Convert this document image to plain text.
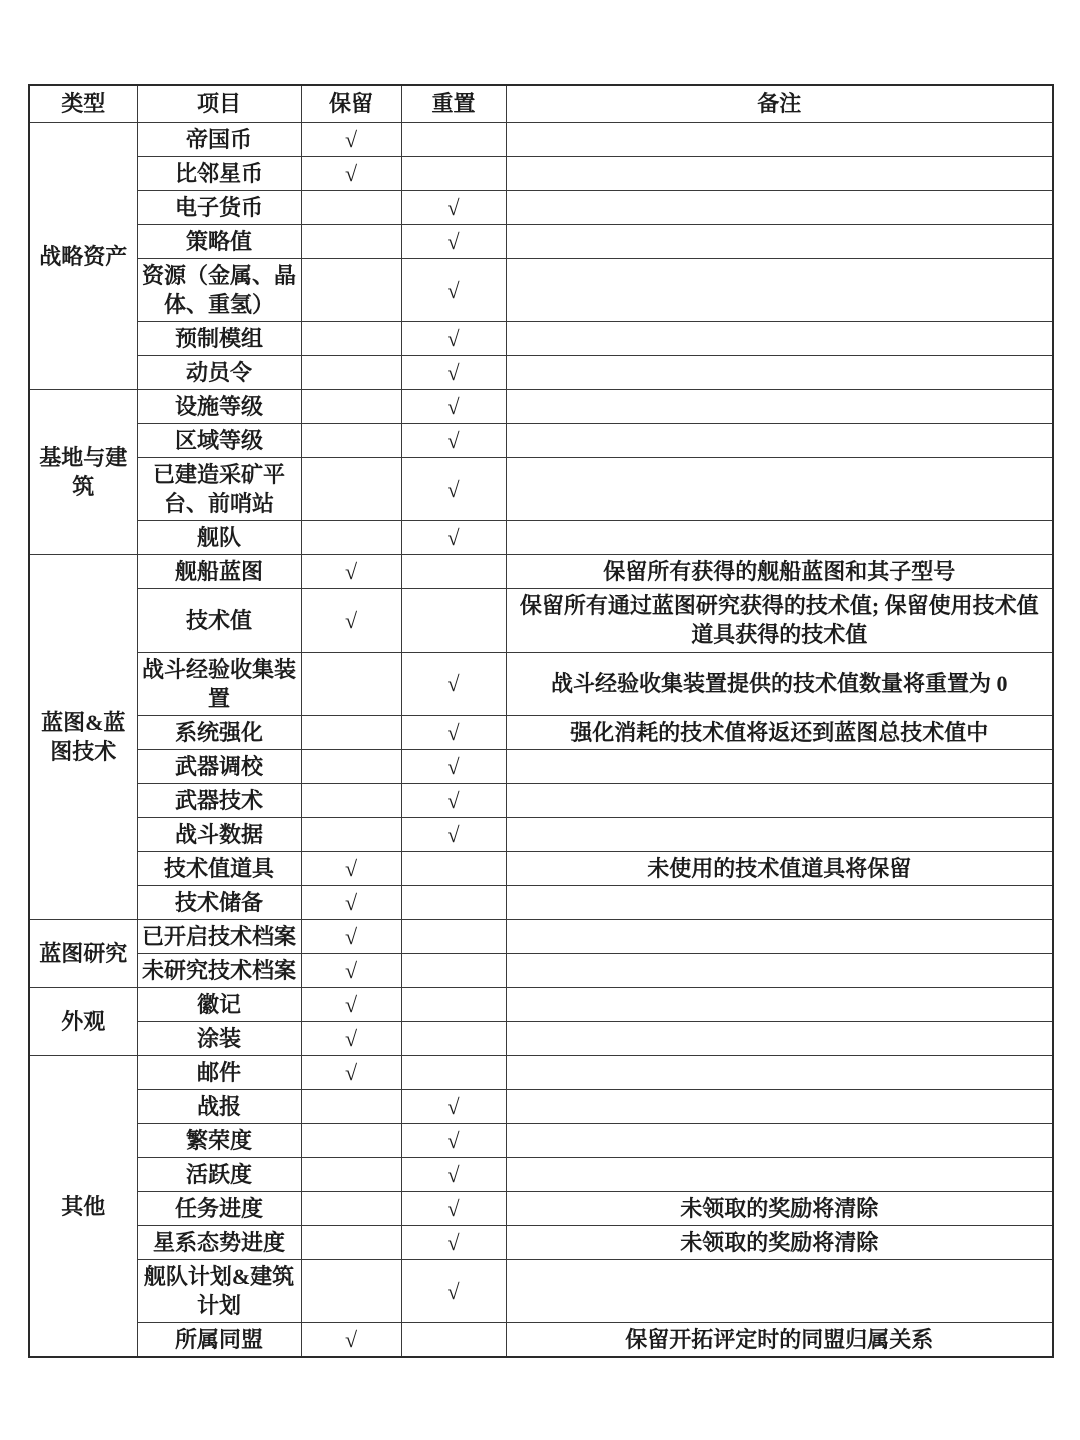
类型	项目	保留	重置	备注
战略资产	帝国币	√		
	比邻星币	√		
	电子货币		√	
	策略值		√	
	资源（金属、晶体、重氢）		√	
	预制模组		√	
	动员令		√	
基地与建筑	设施等级		√	
	区域等级		√	
	已建造采矿平台、前哨站		√	
	舰队		√	
蓝图&蓝图技术	舰船蓝图	√		保留所有获得的舰船蓝图和其子型号
	技术值	√		保留所有通过蓝图研究获得的技术值; 保留使用技术值道具获得的技术值
	战斗经验收集装置		√	战斗经验收集装置提供的技术值数量将重置为 0
	系统强化		√	强化消耗的技术值将返还到蓝图总技术值中
	武器调校		√	
	武器技术		√	
	战斗数据		√	
	技术值道具	√		未使用的技术值道具将保留
	技术储备	√		
蓝图研究	已开启技术档案	√		
	未研究技术档案	√		
外观	徽记	√		
	涂装	√		
其他	邮件	√		
	战报		√	
	繁荣度		√	
	活跃度		√	
	任务进度		√	未领取的奖励将清除
	星系态势进度		√	未领取的奖励将清除
	舰队计划&建筑计划		√	
	所属同盟	√		保留开拓评定时的同盟归属关系
